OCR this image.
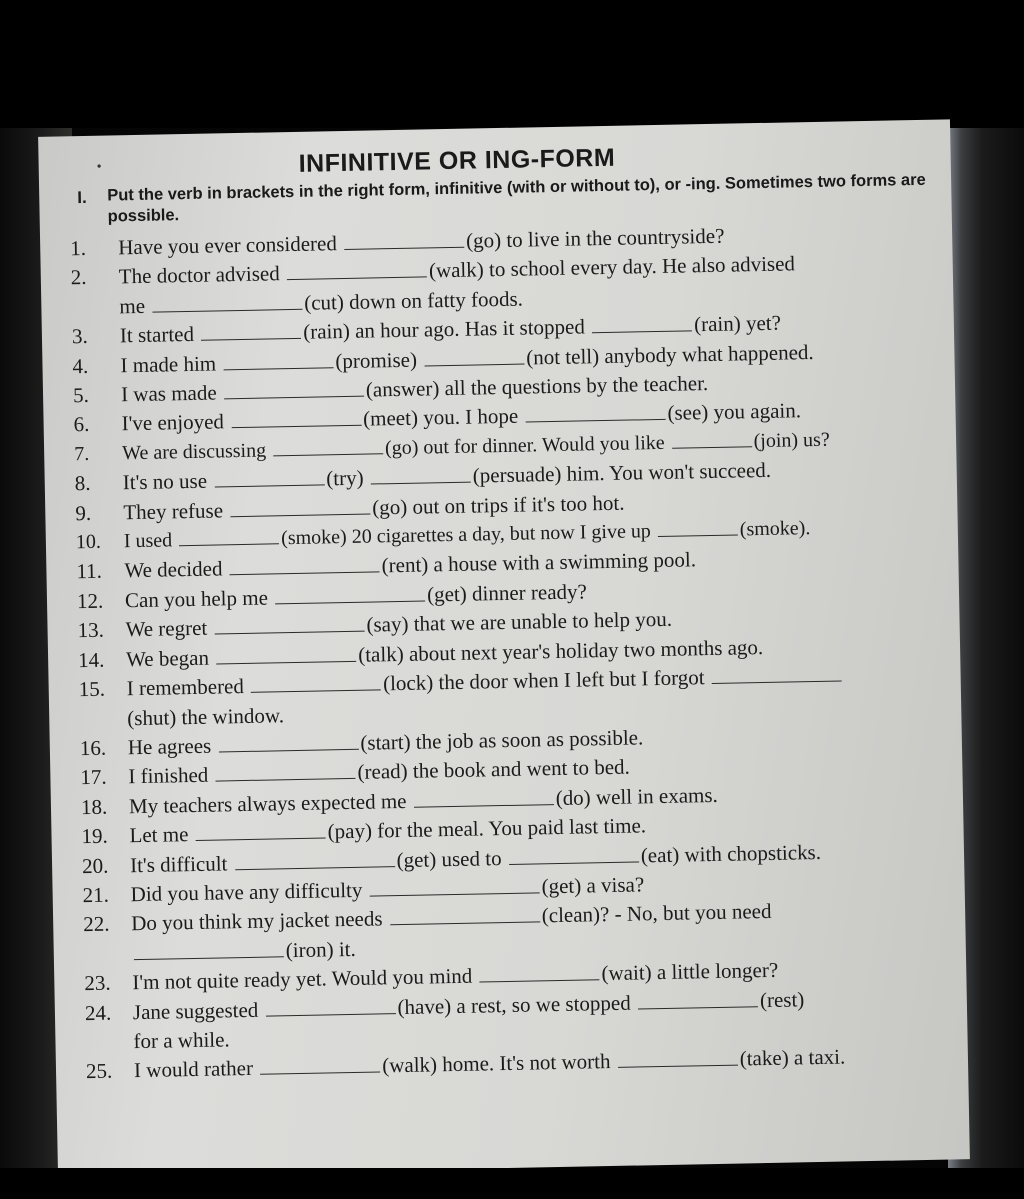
•	INFINITIVE OR ING-FORM
I. Put the verb in brackets in the right form, infinitive (with or without to), or -ing. Sometimes two forms are possible.
1. Have you ever considered	(go) to live in the countryside?
2. The doctor advised	(walk) to school every day. He also advised
me	(cut) down on fatty foods.
3. It started	(rain) an hour ago. Has it stopped	(rain) yet?
4. I made him	(promise)	(not tell) anybody what happened.
5. I was made	(answer) all the questions by the teacher.
6. I've enjoyed	(meet) you. I hope	(see) you again.
7. We are discussing	(go) out for dinner. Would you like	(join) us?
8. It's no use	(try)	(persuade) him. You won't succeed.
9. They refuse	(go) out on trips if it's too hot.
10. I used	(smoke) 20 cigarettes a day, but now I give up	(smoke).
11. We decided	(rent) a house with a swimming pool.
12. Can you help me	(get) dinner ready?
13. We regret	(say) that we are unable to help you.
14. We began	(talk) about next year's holiday two months ago.
15. I remembered	(lock) the door when I left but I forgot
(shut) the window.
16. He agrees	(start) the job as soon as possible.
17. I finished	(read) the book and went to bed.
18. My teachers always expected me	(do) well in exams.
19. Let me	(pay) for the meal. You paid last time.
20. It's difficult	(get) used to	(eat) with chopsticks.
21. Did you have any difficulty	(get) a visa?
22. Do you think my jacket needs	(clean)? - No, but you need
(iron) it.
23. I'm not quite ready yet. Would you mind	(wait) a little longer?
24. Jane suggested	(have) a rest, so we stopped	(rest)
for a while.
25. I would rather	(walk) home. It's not worth	(take) a taxi.
